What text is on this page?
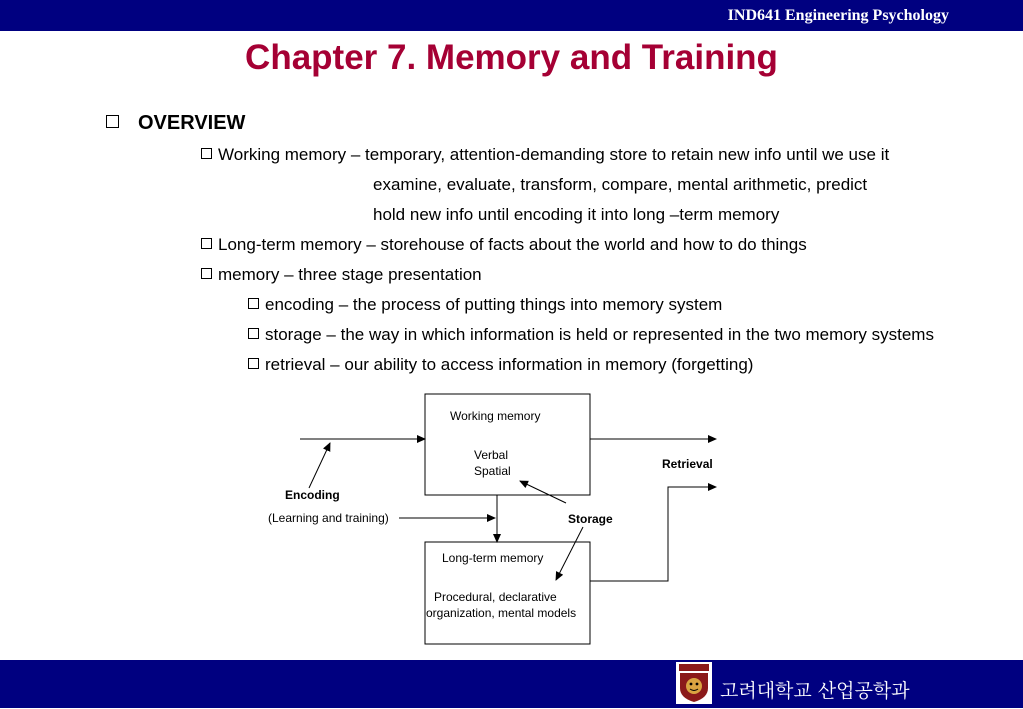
IND641 Engineering Psychology
Chapter 7. Memory and Training
OVERVIEW
Working memory – temporary, attention-demanding store to retain new info until we use it
examine, evaluate, transform, compare, mental arithmetic, predict
hold new info until encoding it into long –term memory
Long-term memory – storehouse of facts about the world and how to do things
memory – three stage presentation
encoding – the process of putting things into memory system
storage – the way in which information is held or represented in the two memory systems
retrieval – our ability to access information in memory (forgetting)
Working memory
Verbal
Spatial
Long-term memory
Procedural, declarative
organization, mental models
Encoding
(Learning and training)	Storage
Retrieval
고려대학교 산업공학과
